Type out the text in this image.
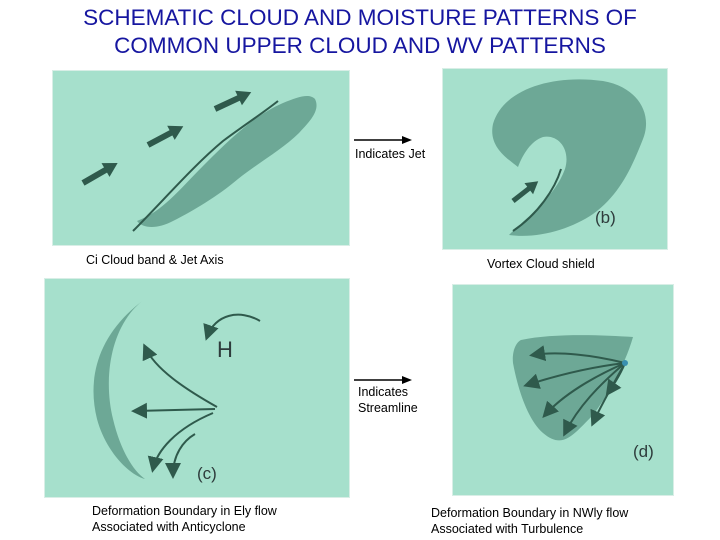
SCHEMATIC CLOUD AND MOISTURE PATTERNS OF
COMMON UPPER CLOUD AND WV PATTERNS
Ci Cloud band & Jet Axis
(b)
Vortex Cloud shield
Indicates Jet
H
(c)
Deformation Boundary in Ely flow
Associated with Anticyclone
Indicates
Streamline
(d)
Deformation Boundary in NWly flow
Associated with Turbulence
